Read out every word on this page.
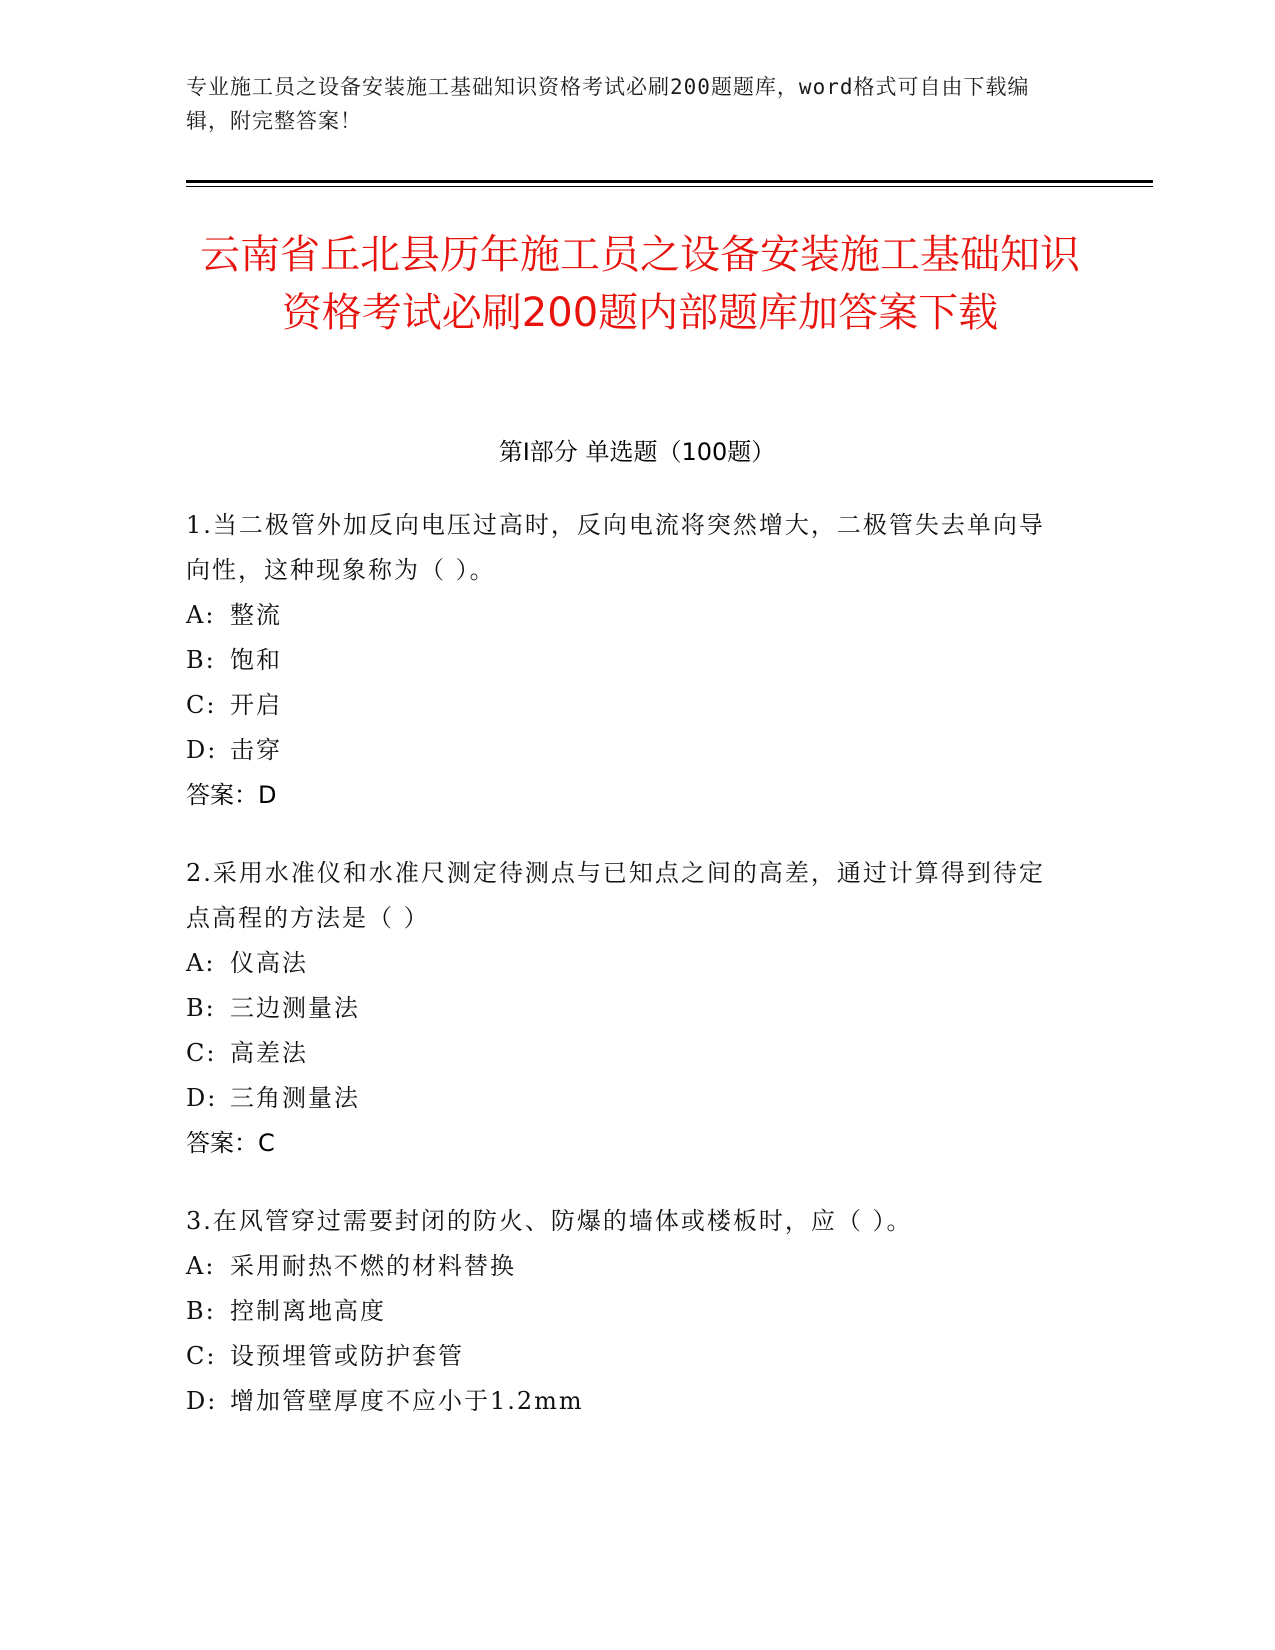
专业施工员之设备安装施工基础知识资格考试必刷200题题库，word格式可自由下载编辑，附完整答案！
云南省丘北县历年施工员之设备安装施工基础知识资格考试必刷200题内部题库加答案下载
第Ⅰ部分 单选题（100题）
1.当二极管外加反向电压过高时，反向电流将突然增大，二极管失去单向导向性，这种现象称为（ ）。
A: 整流
B: 饱和
C: 开启
D: 击穿
答案：D
2.采用水准仪和水准尺测定待测点与已知点之间的高差，通过计算得到待定点高程的方法是（ ）
A: 仪高法
B: 三边测量法
C: 高差法
D: 三角测量法
答案：C
3.在风管穿过需要封闭的防火、防爆的墙体或楼板时，应（ ）。
A: 采用耐热不燃的材料替换
B: 控制离地高度
C: 设预埋管或防护套管
D: 增加管壁厚度不应小于1.2mm
